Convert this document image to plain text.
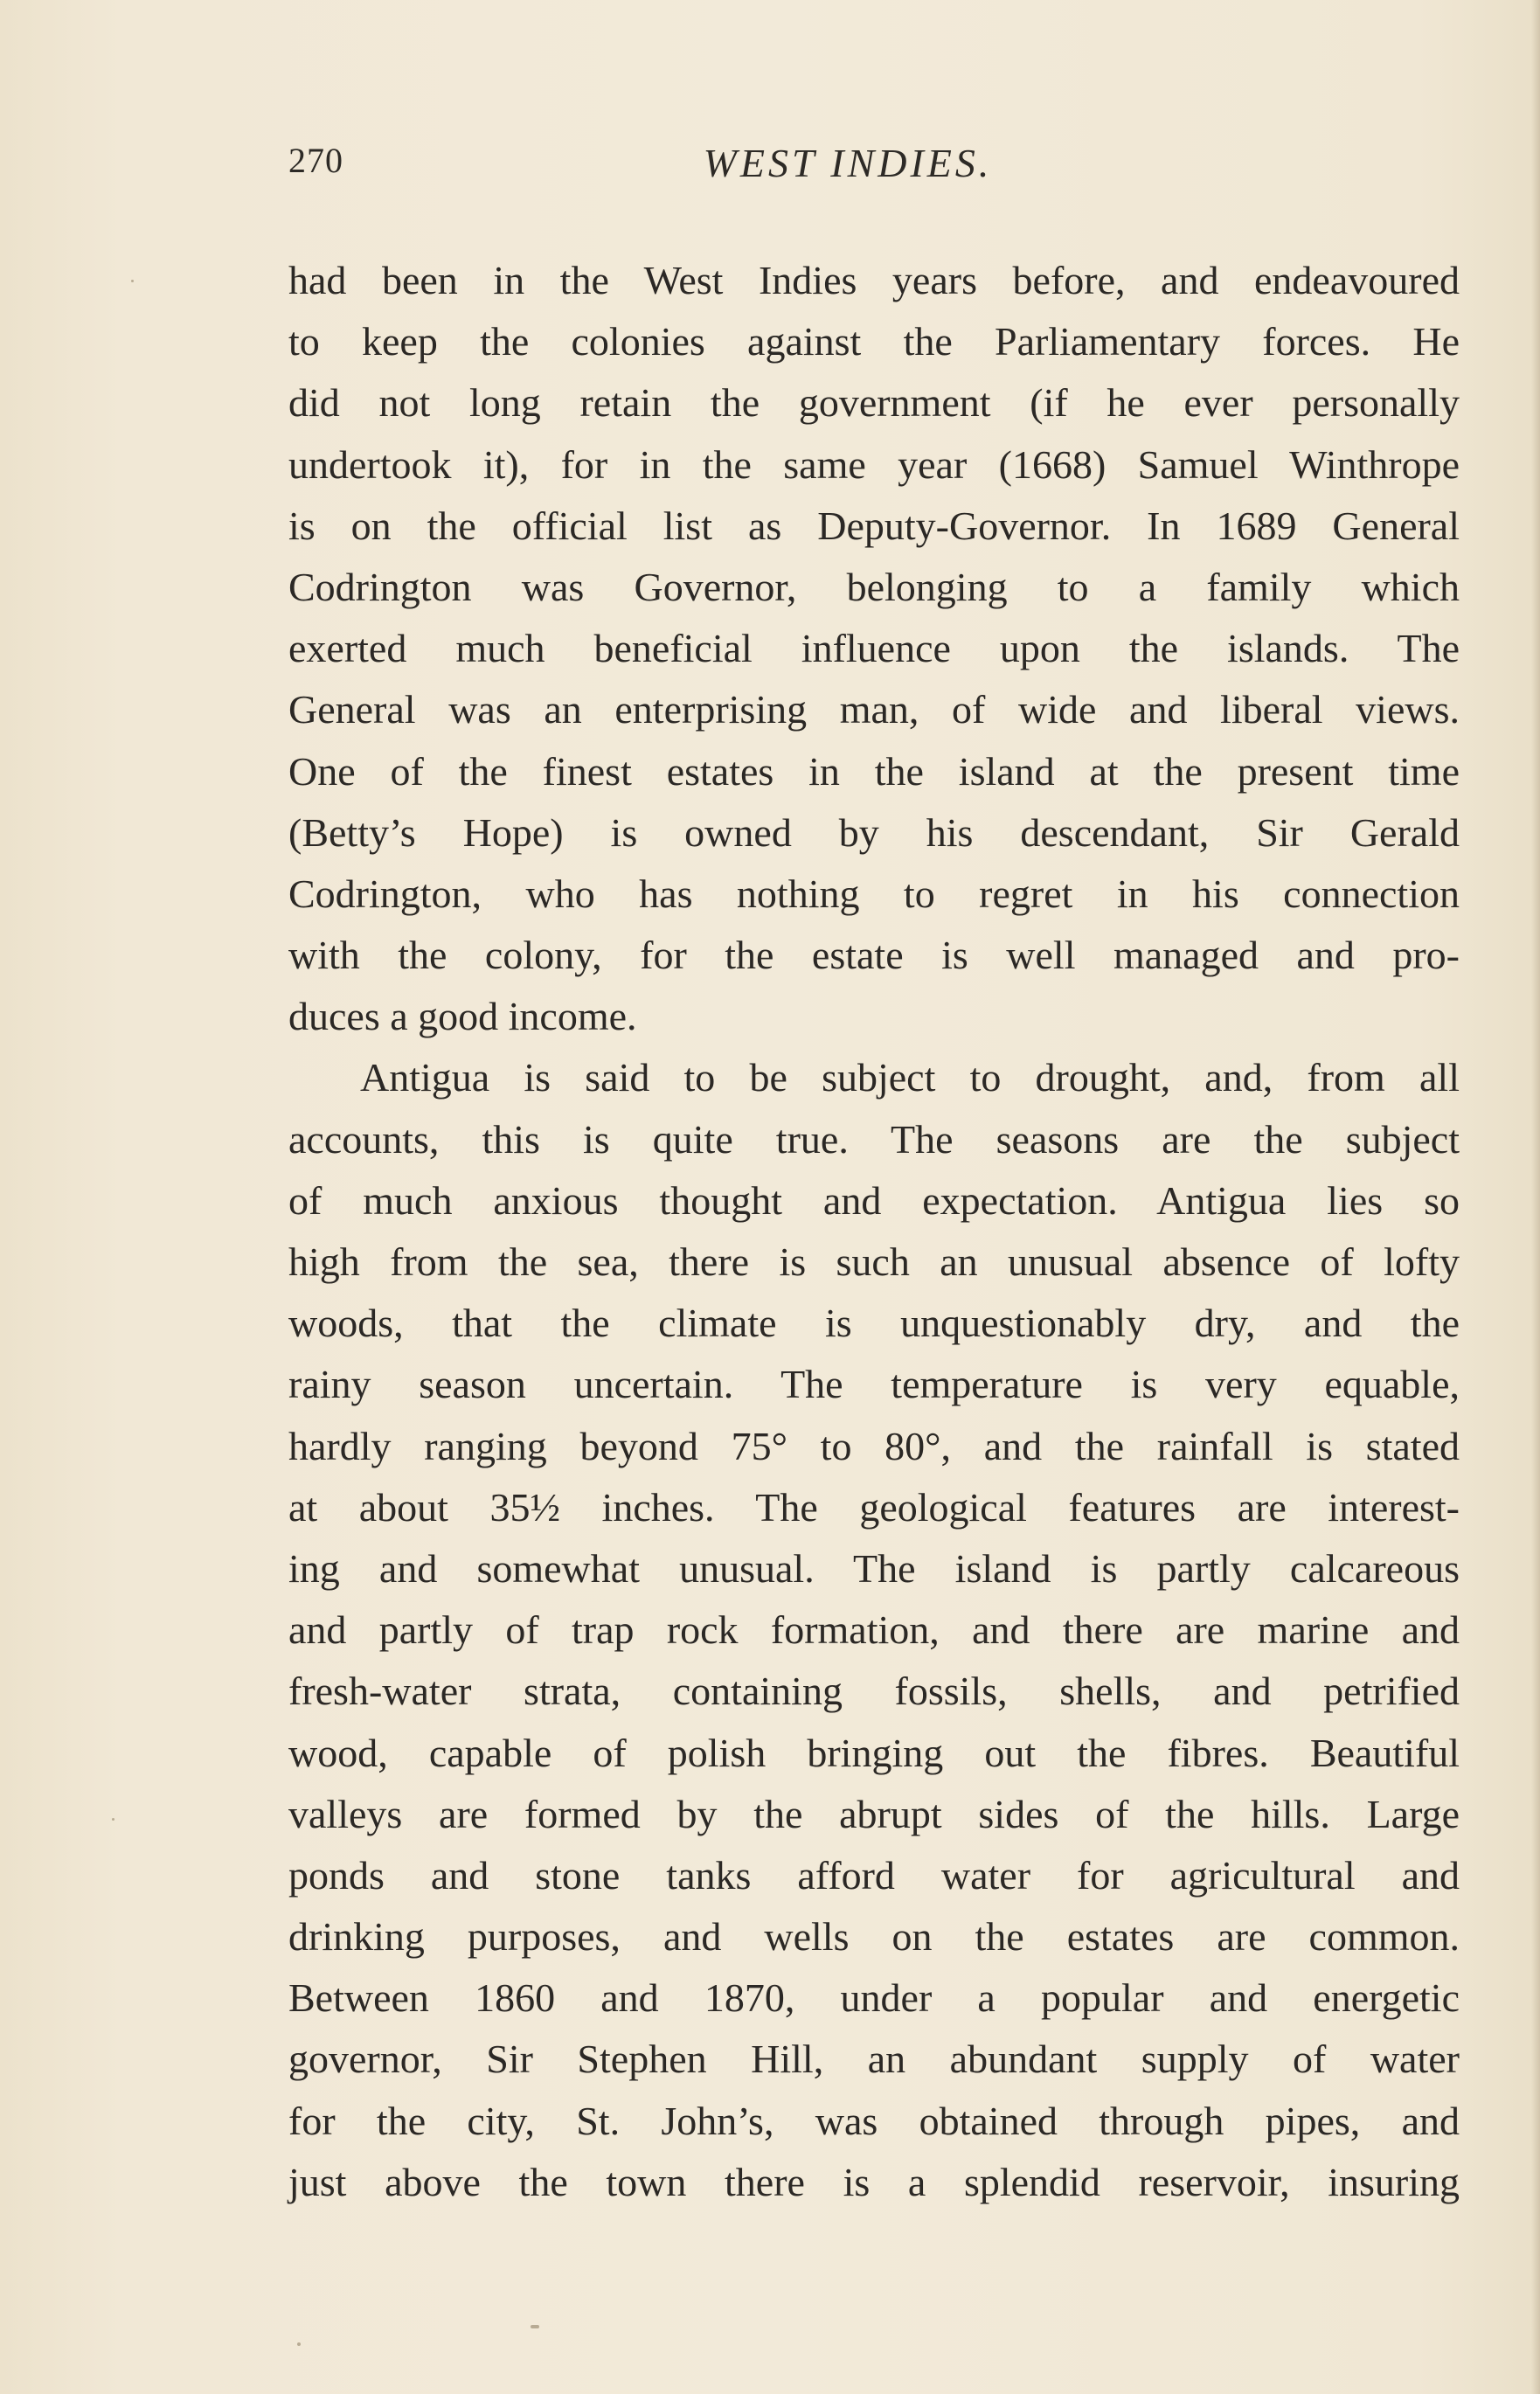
270	WEST INDIES.
had been in the West Indies years before, and endeavoured
to keep the colonies against the Parliamentary forces. He
did not long retain the government (if he ever personally
undertook it), for in the same year (1668) Samuel Winthrope
is on the official list as Deputy-Governor. In 1689 General
Codrington was Governor, belonging to a family which
exerted much beneficial influence upon the islands. The
General was an enterprising man, of wide and liberal views.
One of the finest estates in the island at the present time
(Betty’s Hope) is owned by his descendant, Sir Gerald
Codrington, who has nothing to regret in his connection
with the colony, for the estate is well managed and pro-
duces a good income.
Antigua is said to be subject to drought, and, from all
accounts, this is quite true. The seasons are the subject
of much anxious thought and expectation. Antigua lies so
high from the sea, there is such an unusual absence of lofty
woods, that the climate is unquestionably dry, and the
rainy season uncertain. The temperature is very equable,
hardly ranging beyond 75° to 80°, and the rainfall is stated
at about 35½ inches. The geological features are interest-
ing and somewhat unusual. The island is partly calcareous
and partly of trap rock formation, and there are marine and
fresh-water strata, containing fossils, shells, and petrified
wood, capable of polish bringing out the fibres. Beautiful
valleys are formed by the abrupt sides of the hills. Large
ponds and stone tanks afford water for agricultural and
drinking purposes, and wells on the estates are common.
Between 1860 and 1870, under a popular and energetic
governor, Sir Stephen Hill, an abundant supply of water
for the city, St. John’s, was obtained through pipes, and
just above the town there is a splendid reservoir, insuring
